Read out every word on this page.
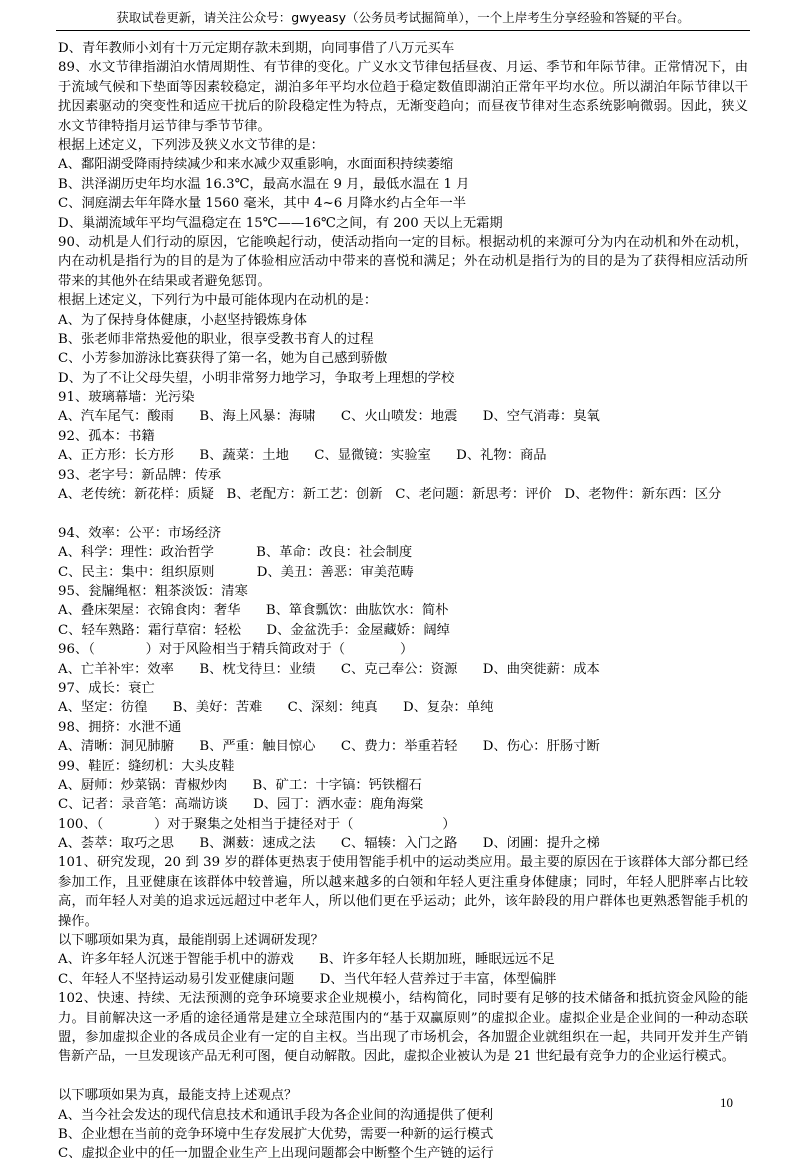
获取试卷更新，请关注公众号：gwyeasy（公务员考试掘简单），一个上岸考生分享经验和答疑的平台。
D、青年教师小刘有十万元定期存款未到期，向同事借了八万元买车
89、水文节律指湖泊水情周期性、有节律的变化。广义水文节律包括昼夜、月运、季节和年际节律。正常情况下，由于流域气候和下垫面等因素较稳定，湖泊多年平均水位趋于稳定数值即湖泊正常年平均水位。所以湖泊年际节律以干扰因素驱动的突变性和适应干扰后的阶段稳定性为特点，无渐变趋向；而昼夜节律对生态系统影响微弱。因此，狭义水文节律特指月运节律与季节节律。
根据上述定义，下列涉及狭义水文节律的是：
A、鄱阳湖受降雨持续减少和来水减少双重影响，水面面积持续萎缩
B、洪泽湖历史年均水温 16.3℃，最高水温在 9 月，最低水温在 1 月
C、洞庭湖去年年降水量 1560 毫米，其中 4~6 月降水约占全年一半
D、巢湖流域年平均气温稳定在 15℃——16℃之间，有 200 天以上无霜期
90、动机是人们行动的原因，它能唤起行动，使活动指向一定的目标。根据动机的来源可分为内在动机和外在动机，内在动机是指行为的目的是为了体验相应活动中带来的喜悦和满足；外在动机是指行为的目的是为了获得相应活动所带来的其他外在结果或者避免惩罚。
根据上述定义，下列行为中最可能体现内在动机的是：
A、为了保持身体健康，小赵坚持锻炼身体
B、张老师非常热爱他的职业，很享受教书育人的过程
C、小芳参加游泳比赛获得了第一名，她为自己感到骄傲
D、为了不让父母失望，小明非常努力地学习，争取考上理想的学校
91、玻璃幕墙：光污染
A、汽车尾气：酸雨      B、海上风暴：海啸      C、火山喷发：地震      D、空气消毒：臭氧
92、孤本：书籍
A、正方形：长方形      B、蔬菜：土地      C、显微镜：实验室      D、礼物：商品
93、老字号：新品牌：传承
A、老传统：新花样：质疑   B、老配方：新工艺：创新   C、老问题：新思考：评价   D、老物件：新东西：区分
94、效率：公平：市场经济
A、科学：理性：政治哲学          B、革命：改良：社会制度
C、民主：集中：组织原则          D、美丑：善恶：审美范畴
95、瓮牖绳枢：粗茶淡饭：清寒
A、叠床架屋：衣锦食肉：奢华      B、箪食瓢饮：曲肱饮水：简朴
C、轻车熟路：霜行草宿：轻松      D、金盆洗手：金屋藏娇：阔绰
96、（            ）对于风险相当于精兵简政对于（             ）
A、亡羊补牢：效率      B、枕戈待旦：业绩      C、克己奉公：资源      D、曲突徙薪：成本
97、成长：衰亡
A、坚定：彷徨      B、美好：苦难      C、深刻：纯真      D、复杂：单纯
98、拥挤：水泄不通
A、清晰：洞见肺腑      B、严重：触目惊心      C、费力：举重若轻      D、伤心：肝肠寸断
99、鞋匠：缝纫机：大头皮鞋
A、厨师：炒菜锅：青椒炒肉      B、矿工：十字镐：钙铁榴石
C、记者：录音笔：高端访谈      D、园丁：洒水壶：鹿角海棠
100、（            ）对于聚集之处相当于捷径对于（                     ）
A、荟萃：取巧之思      B、渊薮：速成之法      C、辐辏：入门之路      D、闭圃：提升之梯
101、研究发现，20 到 39 岁的群体更热衷于使用智能手机中的运动类应用。最主要的原因在于该群体大部分都已经参加工作，且亚健康在该群体中较普遍，所以越来越多的白领和年轻人更注重身体健康；同时，年轻人肥胖率占比较高，而年轻人对美的追求远远超过中老年人，所以他们更在乎运动；此外，该年龄段的用户群体也更熟悉智能手机的操作。
以下哪项如果为真，最能削弱上述调研发现？
A、许多年轻人沉迷于智能手机中的游戏      B、许多年轻人长期加班，睡眠远远不足
C、年轻人不坚持运动易引发亚健康问题      D、当代年轻人营养过于丰富，体型偏胖
102、快速、持续、无法预测的竞争环境要求企业规模小，结构简化，同时要有足够的技术储备和抵抗资金风险的能力。目前解决这一矛盾的途径通常是建立全球范围内的“基于双赢原则”的虚拟企业。虚拟企业是企业间的一种动态联盟，参加虚拟企业的各成员企业有一定的自主权。当出现了市场机会，各加盟企业就组织在一起，共同开发并生产销售新产品，一旦发现该产品无利可图，便自动解散。因此，虚拟企业被认为是 21 世纪最有竞争力的企业运行模式。
以下哪项如果为真，最能支持上述观点？
A、当今社会发达的现代信息技术和通讯手段为各企业间的沟通提供了便利
B、企业想在当前的竞争环境中生存发展扩大优势，需要一种新的运行模式
C、虚拟企业中的任一加盟企业生产上出现问题都会中断整个生产链的运行
10
